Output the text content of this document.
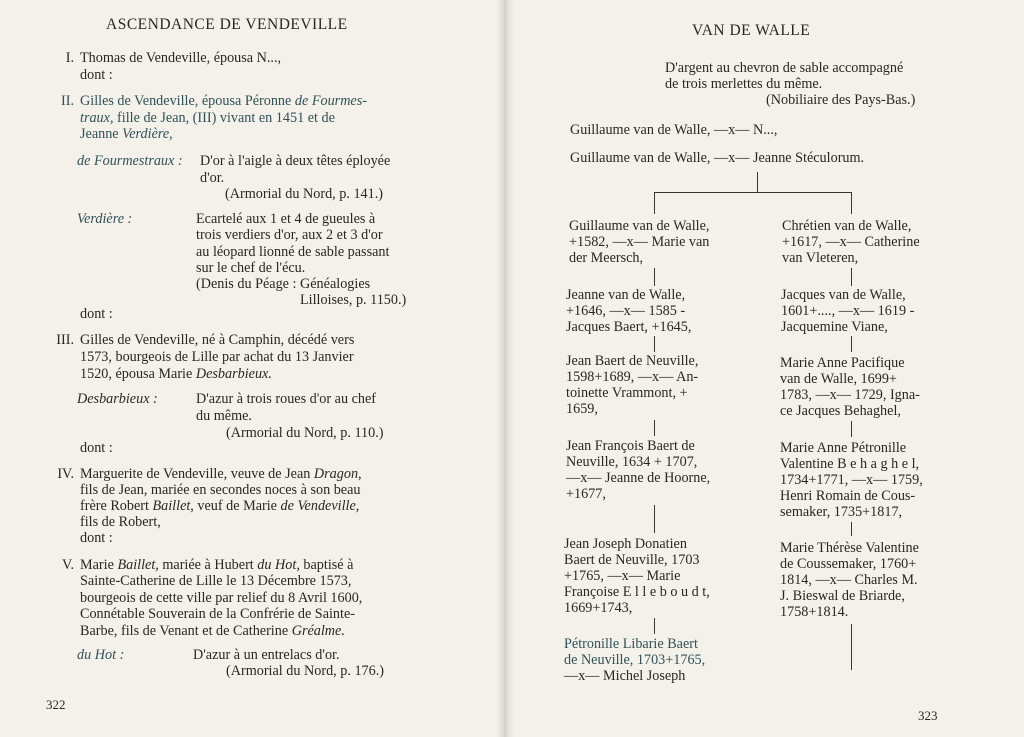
ASCENDANCE DE VENDEVILLE
I. Thomas de Vendeville, épousa N...,
dont :
II. Gilles de Vendeville, épousa Péronne de Fourmes-
traux, fille de Jean, (III) vivant en 1451 et de
Jeanne Verdière,
de Fourmestraux : D'or à l'aigle à deux têtes éployée
d'or.
(Armorial du Nord, p. 141.)
Verdière :	Ecartelé aux 1 et 4 de gueules à
trois verdiers d'or, aux 2 et 3 d'or
au léopard lionné de sable passant
sur le chef de l'écu.
(Denis du Péage : Généalogies
Lilloises, p. 1150.)
dont :
III. Gilles de Vendeville, né à Camphin, décédé vers
1573, bourgeois de Lille par achat du 13 Janvier
1520, épousa Marie Desbarbieux.
Desbarbieux :	D'azur à trois roues d'or au chef
du même.
(Armorial du Nord, p. 110.)
dont :
IV. Marguerite de Vendeville, veuve de Jean Dragon,
fils de Jean, mariée en secondes noces à son beau
frère Robert Baillet, veuf de Marie de Vendeville,
fils de Robert,
dont :
V. Marie Baillet, mariée à Hubert du Hot, baptisé à
Sainte-Catherine de Lille le 13 Décembre 1573,
bourgeois de cette ville par relief du 8 Avril 1600,
Connétable Souverain de la Confrérie de Sainte-
Barbe, fils de Venant et de Catherine Gréalme.
du Hot :	D'azur à un entrelacs d'or.
(Armorial du Nord, p. 176.)
322
VAN DE WALLE
D'argent au chevron de sable accompagné
de trois merlettes du même.
(Nobiliaire des Pays-Bas.)
Guillaume van de Walle, —x— N...,
Guillaume van de Walle, —x— Jeanne Stéculorum.
Guillaume van de Walle,
+1582, —x— Marie van
der Meersch,
Jeanne van de Walle,
+1646, —x— 1585 -
Jacques Baert, +1645,
Jean Baert de Neuville,
1598+1689, —x— An-
toinette Vrammont, +
1659,
Jean François Baert de
Neuville, 1634 + 1707,
—x— Jeanne de Hoorne,
+1677,
Jean Joseph Donatien
Baert de Neuville, 1703
+1765, —x— Marie
Françoise E l l e b o u d t,
1669+1743,
Pétronille Libarie Baert
de Neuville, 1703+1765,
—x— Michel Joseph
Chrétien van de Walle,
+1617, —x— Catherine
van Vleteren,
Jacques van de Walle,
1601+...., —x— 1619 -
Jacquemine Viane,
Marie Anne Pacifique
van de Walle, 1699+
1783, —x— 1729, Igna-
ce Jacques Behaghel,
Marie Anne Pétronille
Valentine B e h a g h e l,
1734+1771, —x— 1759,
Henri Romain de Cous-
semaker, 1735+1817,
Marie Thérèse Valentine
de Coussemaker, 1760+
1814, —x— Charles M.
J. Bieswal de Briarde,
1758+1814.
323
